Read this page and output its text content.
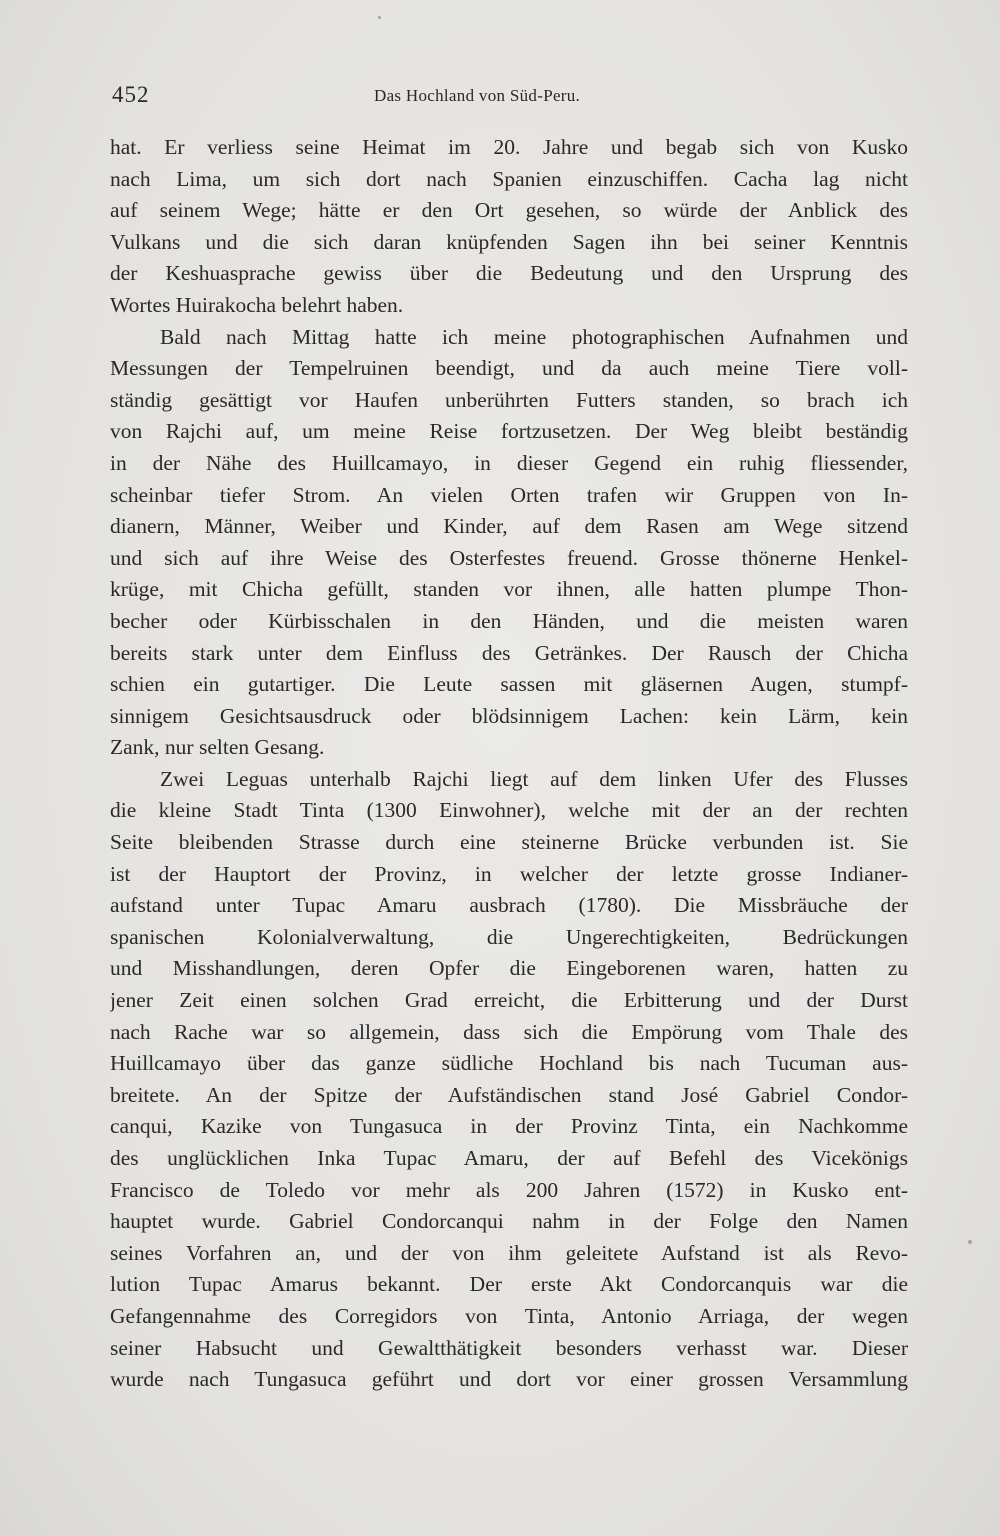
452	Das Hochland von Süd-Peru.
hat. Er verliess seine Heimat im 20. Jahre und begab sich von Kusko
nach Lima, um sich dort nach Spanien einzuschiffen. Cacha lag nicht
auf seinem Wege; hätte er den Ort gesehen, so würde der Anblick des
Vulkans und die sich daran knüpfenden Sagen ihn bei seiner Kenntnis
der Keshuasprache gewiss über die Bedeutung und den Ursprung des
Wortes Huirakocha belehrt haben.
Bald nach Mittag hatte ich meine photographischen Aufnahmen und
Messungen der Tempelruinen beendigt, und da auch meine Tiere voll-
ständig gesättigt vor Haufen unberührten Futters standen, so brach ich
von Rajchi auf, um meine Reise fortzusetzen. Der Weg bleibt beständig
in der Nähe des Huillcamayo, in dieser Gegend ein ruhig fliessender,
scheinbar tiefer Strom. An vielen Orten trafen wir Gruppen von In-
dianern, Männer, Weiber und Kinder, auf dem Rasen am Wege sitzend
und sich auf ihre Weise des Osterfestes freuend. Grosse thönerne Henkel-
krüge, mit Chicha gefüllt, standen vor ihnen, alle hatten plumpe Thon-
becher oder Kürbisschalen in den Händen, und die meisten waren
bereits stark unter dem Einfluss des Getränkes. Der Rausch der Chicha
schien ein gutartiger. Die Leute sassen mit gläsernen Augen, stumpf-
sinnigem Gesichtsausdruck oder blödsinnigem Lachen: kein Lärm, kein
Zank, nur selten Gesang.
Zwei Leguas unterhalb Rajchi liegt auf dem linken Ufer des Flusses
die kleine Stadt Tinta (1300 Einwohner), welche mit der an der rechten
Seite bleibenden Strasse durch eine steinerne Brücke verbunden ist. Sie
ist der Hauptort der Provinz, in welcher der letzte grosse Indianer-
aufstand unter Tupac Amaru ausbrach (1780). Die Missbräuche der
spanischen Kolonialverwaltung, die Ungerechtigkeiten, Bedrückungen
und Misshandlungen, deren Opfer die Eingeborenen waren, hatten zu
jener Zeit einen solchen Grad erreicht, die Erbitterung und der Durst
nach Rache war so allgemein, dass sich die Empörung vom Thale des
Huillcamayo über das ganze südliche Hochland bis nach Tucuman aus-
breitete. An der Spitze der Aufständischen stand José Gabriel Condor-
canqui, Kazike von Tungasuca in der Provinz Tinta, ein Nachkomme
des unglücklichen Inka Tupac Amaru, der auf Befehl des Vicekönigs
Francisco de Toledo vor mehr als 200 Jahren (1572) in Kusko ent-
hauptet wurde. Gabriel Condorcanqui nahm in der Folge den Namen
seines Vorfahren an, und der von ihm geleitete Aufstand ist als Revo-
lution Tupac Amarus bekannt. Der erste Akt Condorcanquis war die
Gefangennahme des Corregidors von Tinta, Antonio Arriaga, der wegen
seiner Habsucht und Gewaltthätigkeit besonders verhasst war. Dieser
wurde nach Tungasuca geführt und dort vor einer grossen Versammlung
